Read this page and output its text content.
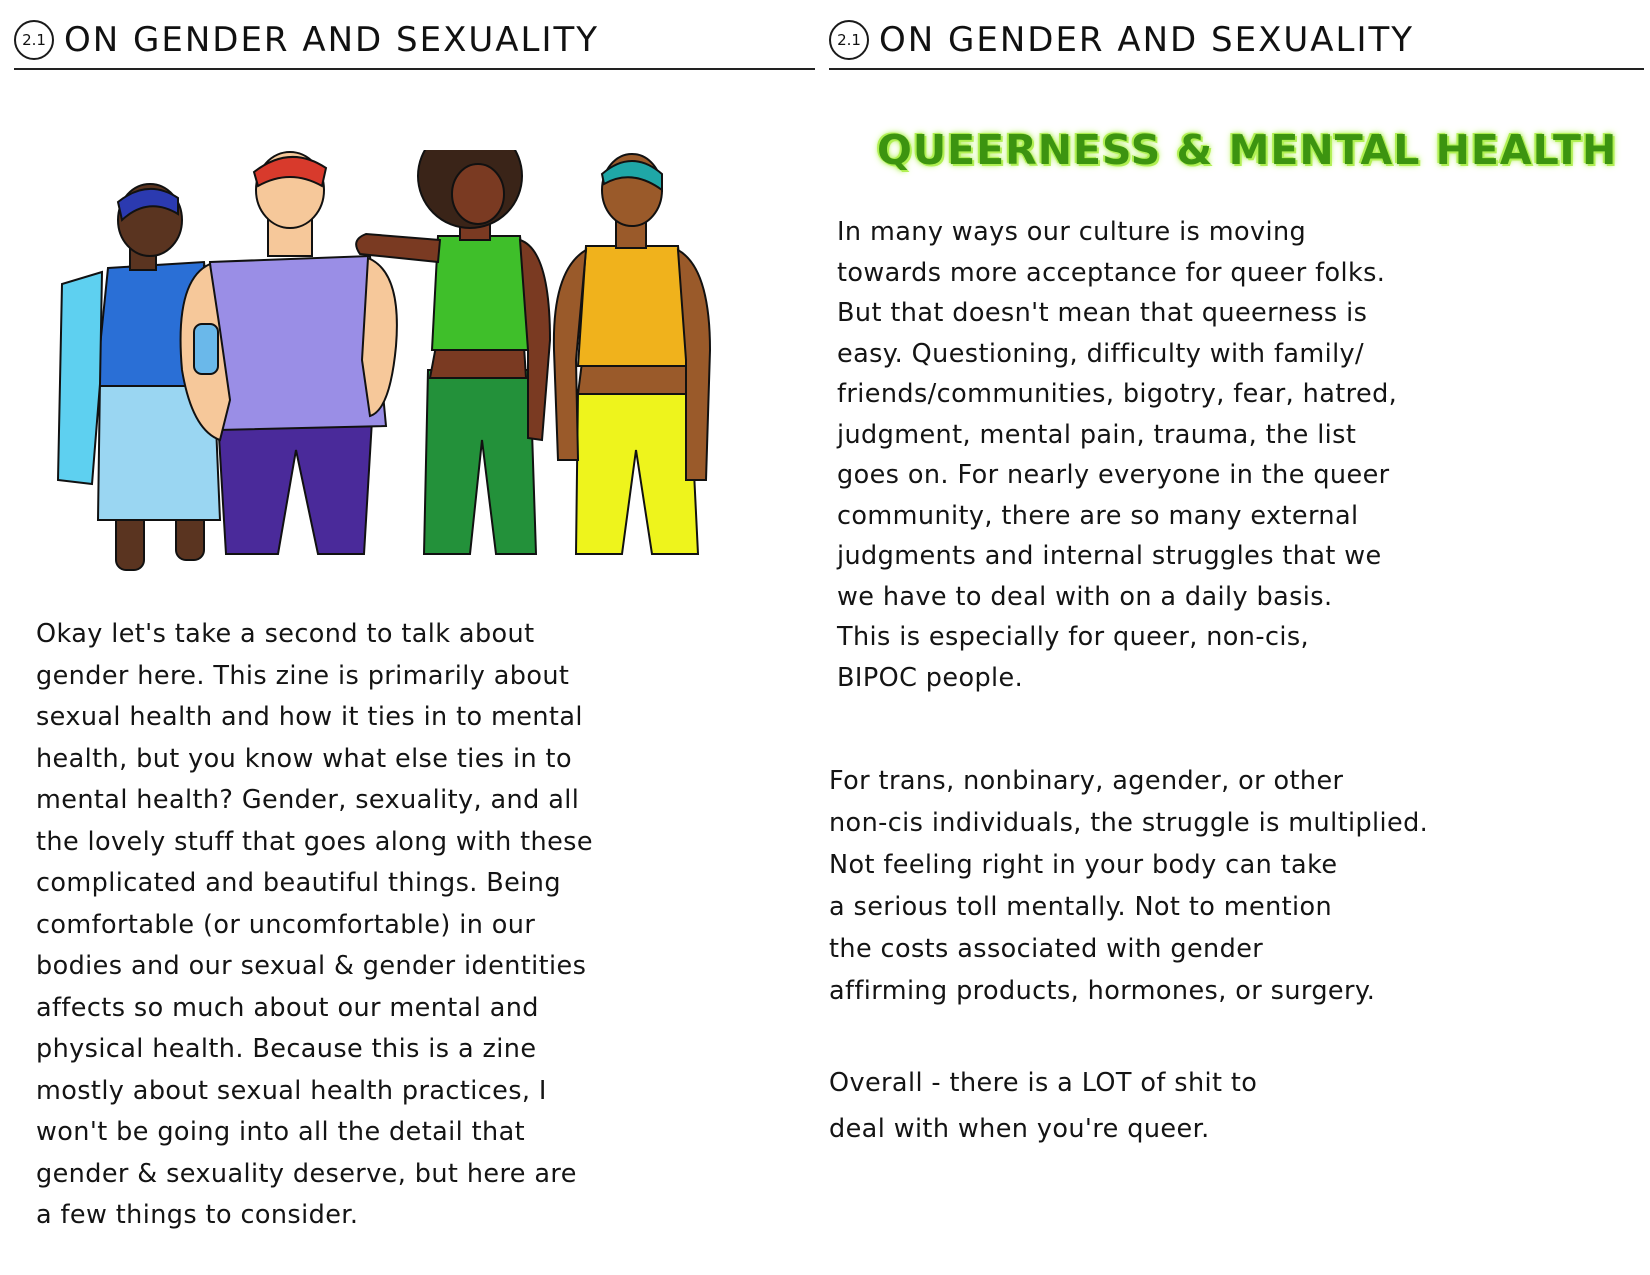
2.1 ON GENDER AND SEXUALITY

Okay let's take a second to talk about
gender here. This zine is primarily about
sexual health and how it ties in to mental
health, but you know what else ties in to
mental health? Gender, sexuality, and all
the lovely stuff that goes along with these
complicated and beautiful things. Being
comfortable (or uncomfortable) in our
bodies and our sexual & gender identities
affects so much about our mental and
physical health. Because this is a zine
mostly about sexual health practices, I
won't be going into all the detail that
gender & sexuality deserve, but here are
a few things to consider.

2.1 ON GENDER AND SEXUALITY
QUEERNESS & MENTAL HEALTH

In many ways our culture is moving
towards more acceptance for queer folks.
But that doesn't mean that queerness is
easy. Questioning, difficulty with family/
friends/communities, bigotry, fear, hatred,
judgment, mental pain, trauma, the list
goes on. For nearly everyone in the queer
community, there are so many external
judgments and internal struggles that we
we have to deal with on a daily basis.
This is especially for queer, non-cis,
BIPOC people.

For trans, nonbinary, agender, or other
non-cis individuals, the struggle is multiplied.
Not feeling right in your body can take
a serious toll mentally. Not to mention
the costs associated with gender
affirming products, hormones, or surgery.

Overall - there is a LOT of shit to
deal with when you're queer.
